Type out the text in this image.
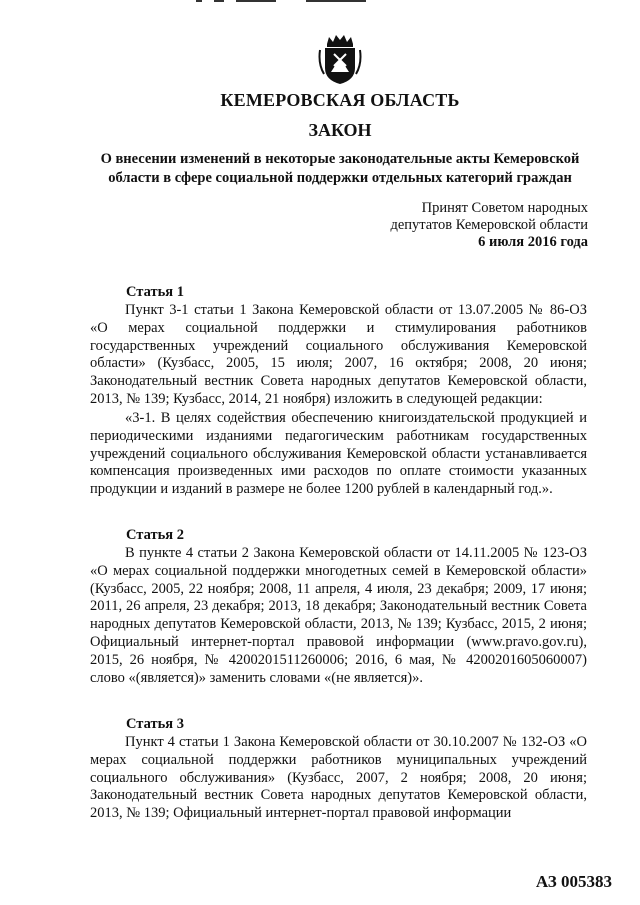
КЕМЕРОВСКАЯ ОБЛАСТЬ
ЗАКОН
О внесении изменений в некоторые законодательные акты Кемеровской области в сфере социальной поддержки отдельных категорий граждан
Принят Советом народных
депутатов Кемеровской области
6 июля 2016 года
Статья 1
Пункт 3-1 статьи 1 Закона Кемеровской области от 13.07.2005 № 86-ОЗ «О мерах социальной поддержки и стимулирования работников государственных учреждений социального обслуживания Кемеровской области» (Кузбасс, 2005, 15 июля; 2007, 16 октября; 2008, 20 июня; Законодательный вестник Совета народных депутатов Кемеровской области, 2013, № 139; Кузбасс, 2014, 21 ноября) изложить в следующей редакции:
«3-1. В целях содействия обеспечению книгоиздательской продукцией и периодическими изданиями педагогическим работникам государственных учреждений социального обслуживания Кемеровской области устанавливается компенсация произведенных ими расходов по оплате стоимости указанных продукции и изданий в размере не более 1200 рублей в календарный год.».
Статья 2
В пункте 4 статьи 2 Закона Кемеровской области от 14.11.2005 № 123-ОЗ «О мерах социальной поддержки многодетных семей в Кемеровской области» (Кузбасс, 2005, 22 ноября; 2008, 11 апреля, 4 июля, 23 декабря; 2009, 17 июня; 2011, 26 апреля, 23 декабря; 2013, 18 декабря; Законодательный вестник Совета народных депутатов Кемеровской области, 2013, № 139; Кузбасс, 2015, 2 июня; Официальный интернет-портал правовой информации (www.pravo.gov.ru), 2015, 26 ноября, № 4200201511260006; 2016, 6 мая, № 4200201605060007) слово «(является)» заменить словами «(не является)».
Статья 3
Пункт 4 статьи 1 Закона Кемеровской области от 30.10.2007 № 132-ОЗ «О мерах социальной поддержки работников муниципальных учреждений социального обслуживания» (Кузбасс, 2007, 2 ноября; 2008, 20 июня; Законодательный вестник Совета народных депутатов Кемеровской области, 2013, № 139; Официальный интернет-портал правовой информации
АЗ 005383
